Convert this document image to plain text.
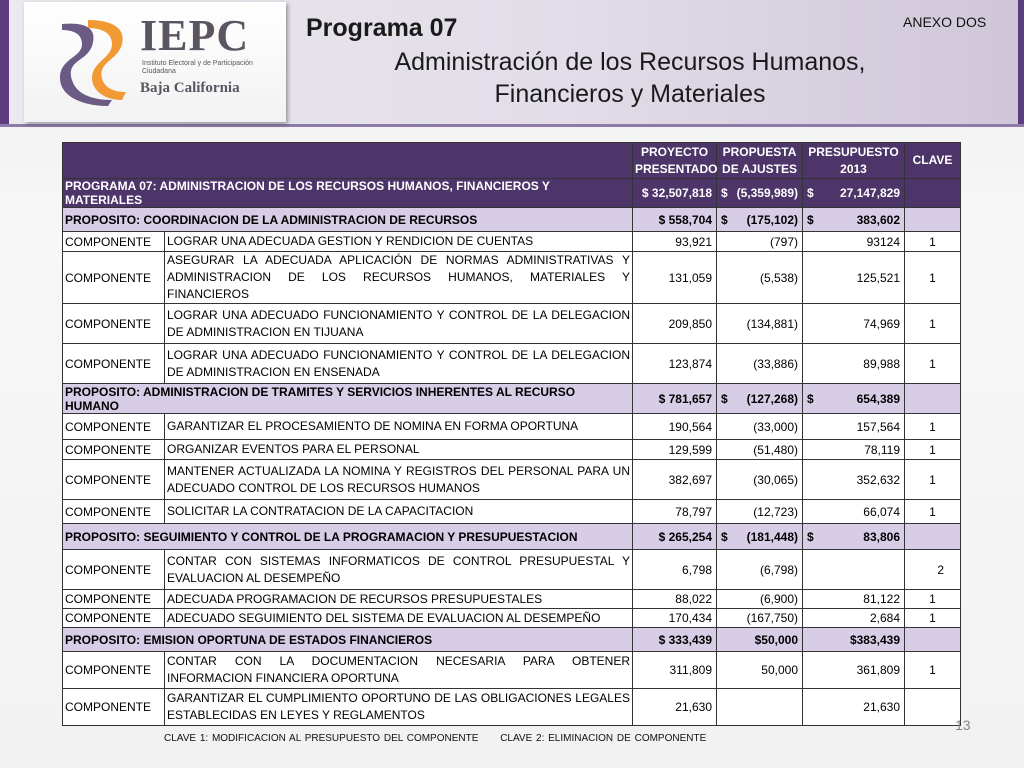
IEPC
Instituto Electoral y de Participación Ciudadana
Baja California
Programa 07	ANEXO DOS
Administración de los Recursos Humanos,
Financieros y Materiales
		PROYECTO PRESENTADO	PROPUESTA DE AJUSTES	PRESUPUESTO 2013	CLAVE
PROGRAMA 07: ADMINISTRACION DE LOS RECURSOS HUMANOS, FINANCIEROS Y MATERIALES		$ 32,507,818	$ (5,359,989)	$ 27,147,829	

PROPOSITO: COORDINACION DE LA ADMINISTRACION DE RECURSOS		$ 558,704	$ (175,102)	$ 383,602	

COMPONENTE	LOGRAR UNA ADECUADA GESTION Y RENDICION DE CUENTAS	93,921	(797)	93124	1
COMPONENTE	ASEGURAR LA ADECUADA APLICACIÓN DE NORMAS ADMINISTRATIVAS Y ADMINISTRACION DE LOS RECURSOS HUMANOS, MATERIALES Y FINANCIEROS	131,059	(5,538)	125,521	1
COMPONENTE	LOGRAR UNA ADECUADO FUNCIONAMIENTO Y CONTROL DE LA DELEGACION DE ADMINISTRACION EN TIJUANA	209,850	(134,881)	74,969	1
COMPONENTE	LOGRAR UNA ADECUADO FUNCIONAMIENTO Y CONTROL DE LA DELEGACION DE ADMINISTRACION EN ENSENADA	123,874	(33,886)	89,988	1
PROPOSITO: ADMINISTRACION DE TRAMITES Y SERVICIOS INHERENTES AL RECURSO HUMANO		$ 781,657	$ (127,268)	$ 654,389	

COMPONENTE	GARANTIZAR EL PROCESAMIENTO DE NOMINA EN FORMA OPORTUNA	190,564	(33,000)	157,564	1
COMPONENTE	ORGANIZAR EVENTOS PARA EL PERSONAL	129,599	(51,480)	78,119	1
COMPONENTE	MANTENER ACTUALIZADA LA NOMINA Y REGISTROS DEL PERSONAL PARA UN ADECUADO CONTROL DE LOS RECURSOS HUMANOS	382,697	(30,065)	352,632	1
COMPONENTE	SOLICITAR LA CONTRATACION DE LA CAPACITACION	78,797	(12,723)	66,074	1
PROPOSITO: SEGUIMIENTO Y CONTROL DE LA PROGRAMACION Y PRESUPUESTACION		$ 265,254	$ (181,448)	$ 83,806	

COMPONENTE	CONTAR CON SISTEMAS INFORMATICOS DE CONTROL PRESUPUESTAL Y EVALUACION AL DESEMPEÑO	6,798	(6,798)		2
COMPONENTE	ADECUADA PROGRAMACION DE RECURSOS PRESUPUESTALES	88,022	(6,900)	81,122	1
COMPONENTE	ADECUADO SEGUIMIENTO DEL SISTEMA DE EVALUACION AL DESEMPEÑO	170,434	(167,750)	2,684	1
PROPOSITO: EMISION OPORTUNA DE ESTADOS FINANCIEROS		$ 333,439	$50,000	$383,439	

COMPONENTE	CONTAR CON LA DOCUMENTACION NECESARIA PARA OBTENER INFORMACION FINANCIERA OPORTUNA	311,809	50,000	361,809	1
COMPONENTE	GARANTIZAR EL CUMPLIMIENTO OPORTUNO DE LAS OBLIGACIONES LEGALES ESTABLECIDAS EN LEYES Y REGLAMENTOS	21,630		21,630	
13
CLAVE 1: MODIFICACION AL PRESUPUESTO DEL COMPONENTE CLAVE 2: ELIMINACION DE COMPONENTE
